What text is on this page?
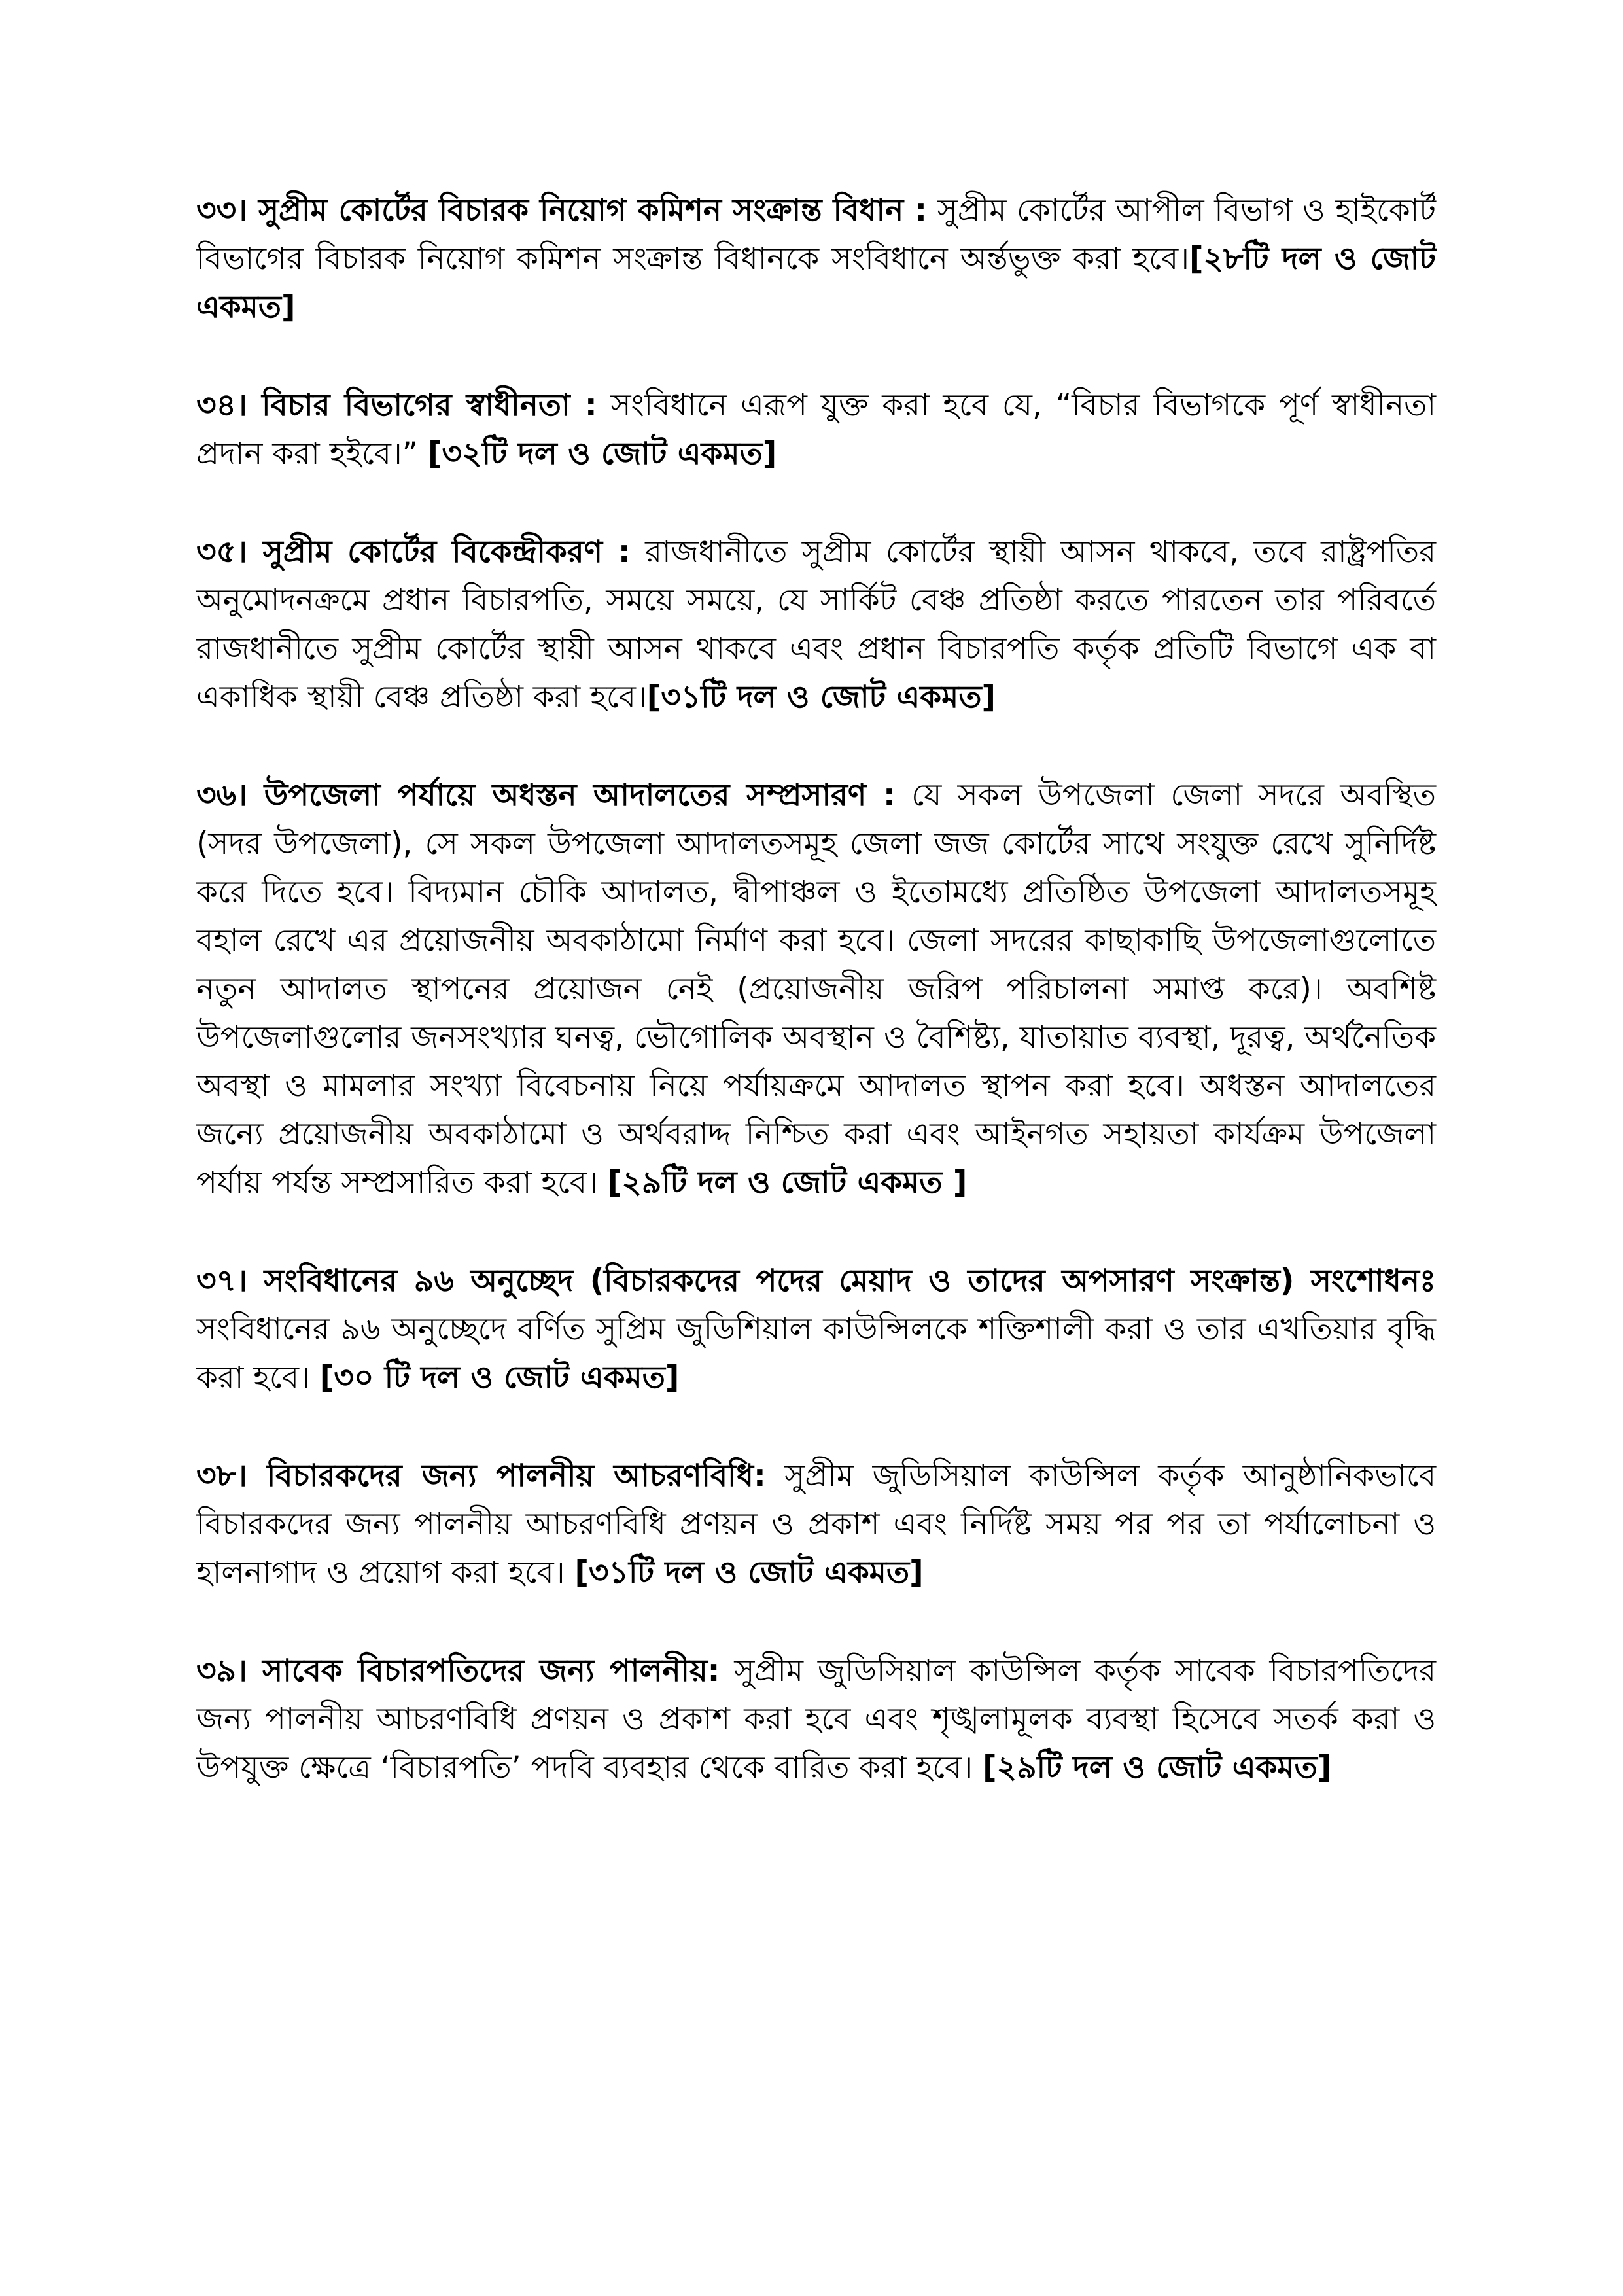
৩৩। সুপ্রীম কোর্টের বিচারক নিয়োগ কমিশন সংক্রান্ত বিধান : সুপ্রীম কোর্টের আপীল বিভাগ ও হাইকোর্ট বিভাগের বিচারক নিয়োগ কমিশন সংক্রান্ত বিধানকে সংবিধানে অর্ন্তভুক্ত করা হবে।[২৮টি দল ও জোট একমত]

৩৪। বিচার বিভাগের স্বাধীনতা : সংবিধানে এরূপ যুক্ত করা হবে যে, “বিচার বিভাগকে পূর্ণ স্বাধীনতা প্রদান করা হইবে।” [৩২টি দল ও জোট একমত]

৩৫। সুপ্রীম কোর্টের বিকেন্দ্রীকরণ : রাজধানীতে সুপ্রীম কোর্টের স্থায়ী আসন থাকবে, তবে রাষ্ট্রপতির অনুমোদনক্রমে প্রধান বিচারপতি, সময়ে সময়ে, যে সার্কিট বেঞ্চ প্রতিষ্ঠা করতে পারতেন তার পরিবর্তে রাজধানীতে সুপ্রীম কোর্টের স্থায়ী আসন থাকবে এবং প্রধান বিচারপতি কর্তৃক প্রতিটি বিভাগে এক বা একাধিক স্থায়ী বেঞ্চ প্রতিষ্ঠা করা হবে।[৩১টি দল ও জোট একমত]

৩৬। উপজেলা পর্যায়ে অধস্তন আদালতের সম্প্রসারণ : যে সকল উপজেলা জেলা সদরে অবস্থিত (সদর উপজেলা), সে সকল উপজেলা আদালতসমূহ জেলা জজ কোর্টের সাথে সংযুক্ত রেখে সুনির্দিষ্ট করে দিতে হবে। বিদ্যমান চৌকি আদালত, দ্বীপাঞ্চল ও ইতোমধ্যে প্রতিষ্ঠিত উপজেলা আদালতসমূহ বহাল রেখে এর প্রয়োজনীয় অবকাঠামো নির্মাণ করা হবে। জেলা সদরের কাছাকাছি উপজেলাগুলোতে নতুন আদালত স্থাপনের প্রয়োজন নেই (প্রয়োজনীয় জরিপ পরিচালনা সমাপ্ত করে)। অবশিষ্ট উপজেলাগুলোর জনসংখ্যার ঘনত্ব, ভৌগোলিক অবস্থান ও বৈশিষ্ট্য, যাতায়াত ব্যবস্থা, দূরত্ব, অর্থনৈতিক অবস্থা ও মামলার সংখ্যা বিবেচনায় নিয়ে পর্যায়ক্রমে আদালত স্থাপন করা হবে। অধস্তন আদালতের জন্যে প্রয়োজনীয় অবকাঠামো ও অর্থবরাদ্দ নিশ্চিত করা এবং আইনগত সহায়তা কার্যক্রম উপজেলা পর্যায় পর্যন্ত সম্প্রসারিত করা হবে। [২৯টি দল ও জোট একমত ]

৩৭। সংবিধানের ৯৬ অনুচ্ছেদ (বিচারকদের পদের মেয়াদ ও তাদের অপসারণ সংক্রান্ত) সংশোধনঃ সংবিধানের ৯৬ অনুচ্ছেদে বর্ণিত সুপ্রিম জুডিশিয়াল কাউন্সিলকে শক্তিশালী করা ও তার এখতিয়ার বৃদ্ধি করা হবে। [৩০ টি দল ও জোট একমত]

৩৮। বিচারকদের জন্য পালনীয় আচরণবিধি: সুপ্রীম জুডিসিয়াল কাউন্সিল কর্তৃক আনুষ্ঠানিকভাবে বিচারকদের জন্য পালনীয় আচরণবিধি প্রণয়ন ও প্রকাশ এবং নির্দিষ্ট সময় পর পর তা পর্যালোচনা ও হালনাগাদ ও প্রয়োগ করা হবে। [৩১টি দল ও জোট একমত]

৩৯। সাবেক বিচারপতিদের জন্য পালনীয়: সুপ্রীম জুডিসিয়াল কাউন্সিল কর্তৃক সাবেক বিচারপতিদের জন্য পালনীয় আচরণবিধি প্রণয়ন ও প্রকাশ করা হবে এবং শৃঙ্খলামূলক ব্যবস্থা হিসেবে সতর্ক করা ও উপযুক্ত ক্ষেত্রে ‘বিচারপতি’ পদবি ব্যবহার থেকে বারিত করা হবে। [২৯টি দল ও জোট একমত]
